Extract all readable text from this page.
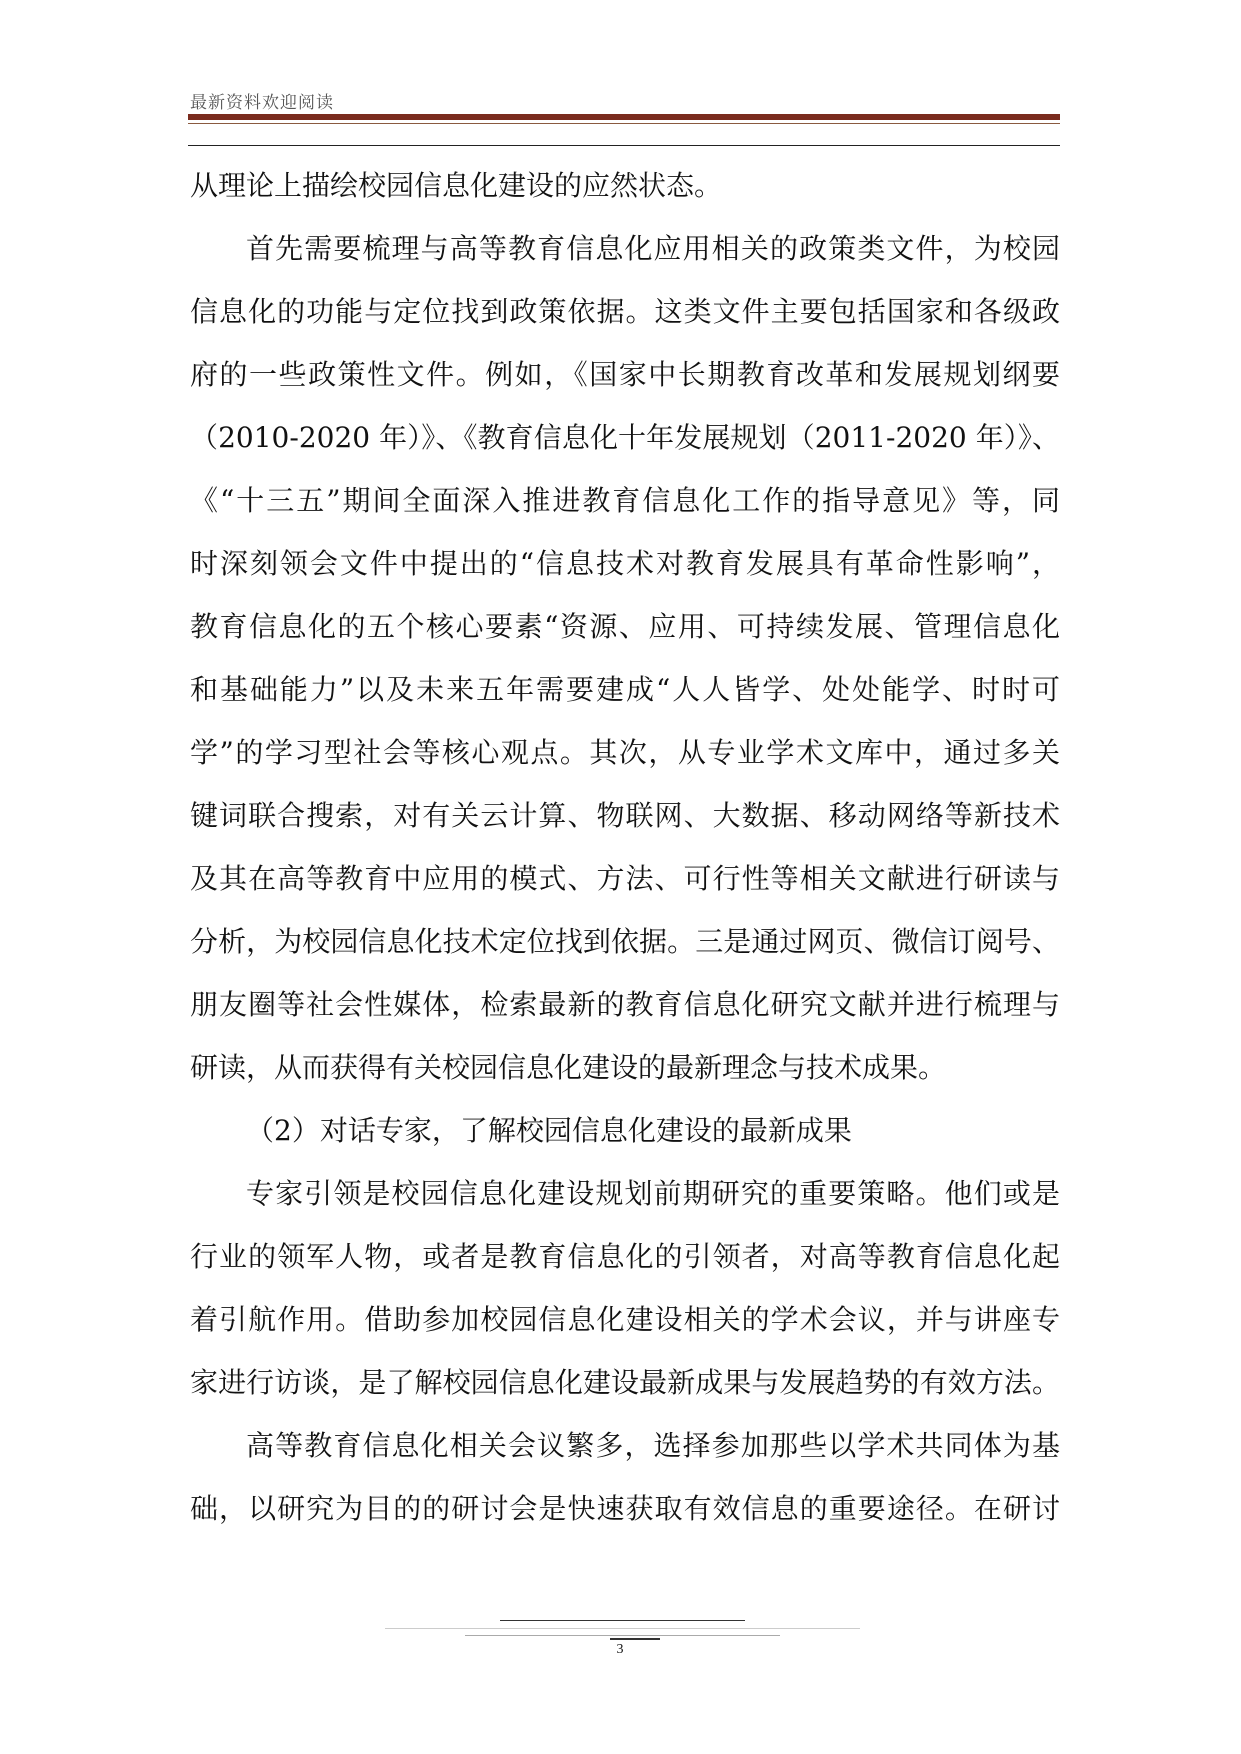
最新资料欢迎阅读
从理论上描绘校园信息化建设的应然状态。
首先需要梳理与高等教育信息化应用相关的政策类文件，为校园
信息化的功能与定位找到政策依据。这类文件主要包括国家和各级政
府的一些政策性文件。例如，《国家中长期教育改革和发展规划纲要
（2010-2020 年）》、《教育信息化十年发展规划（2011-2020 年）》、
《“十三五”期间全面深入推进教育信息化工作的指导意见》等，同
时深刻领会文件中提出的“信息技术对教育发展具有革命性影响”，
教育信息化的五个核心要素“资源、应用、可持续发展、管理信息化
和基础能力”以及未来五年需要建成“人人皆学、处处能学、时时可
学”的学习型社会等核心观点。其次，从专业学术文库中，通过多关
键词联合搜索，对有关云计算、物联网、大数据、移动网络等新技术
及其在高等教育中应用的模式、方法、可行性等相关文献进行研读与
分析，为校园信息化技术定位找到依据。三是通过网页、微信订阅号、
朋友圈等社会性媒体，检索最新的教育信息化研究文献并进行梳理与
研读，从而获得有关校园信息化建设的最新理念与技术成果。
（2）对话专家，了解校园信息化建设的最新成果
专家引领是校园信息化建设规划前期研究的重要策略。他们或是
行业的领军人物，或者是教育信息化的引领者，对高等教育信息化起
着引航作用。借助参加校园信息化建设相关的学术会议，并与讲座专
家进行访谈，是了解校园信息化建设最新成果与发展趋势的有效方法。
高等教育信息化相关会议繁多，选择参加那些以学术共同体为基
础，以研究为目的的研讨会是快速获取有效信息的重要途径。在研讨
3
